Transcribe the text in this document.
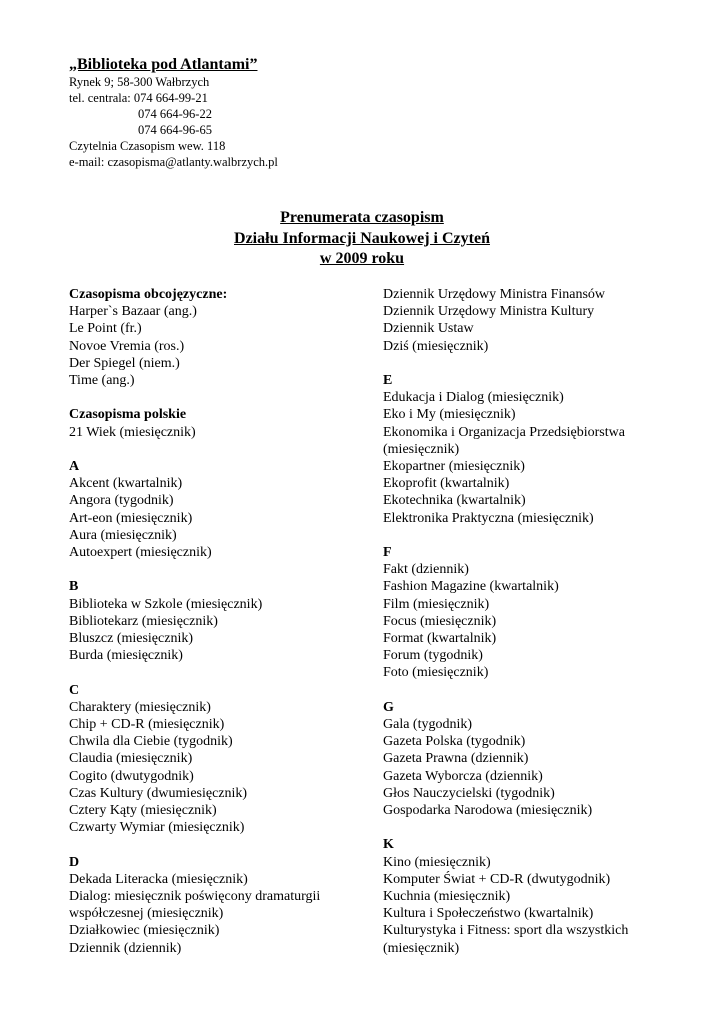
„Biblioteka pod Atlantami”
Rynek 9; 58-300 Wałbrzych
tel. centrala: 074 664-99-21
074 664-96-22
074 664-96-65
Czytelnia Czasopism wew. 118
e-mail: czasopisma@atlanty.walbrzych.pl
Prenumerata czasopism
Działu Informacji Naukowej i Czyteń
w 2009 roku
Czasopisma obcojęzyczne:
Harper`s Bazaar (ang.)
Le Point (fr.)
Novoe Vremia (ros.)
Der Spiegel (niem.)
Time (ang.)
Czasopisma polskie
21 Wiek (miesięcznik)
A
Akcent (kwartalnik)
Angora (tygodnik)
Art-eon (miesięcznik)
Aura (miesięcznik)
Autoexpert (miesięcznik)
B
Biblioteka w Szkole (miesięcznik)
Bibliotekarz (miesięcznik)
Bluszcz (miesięcznik)
Burda (miesięcznik)
C
Charaktery (miesięcznik)
Chip + CD-R (miesięcznik)
Chwila dla Ciebie (tygodnik)
Claudia (miesięcznik)
Cogito (dwutygodnik)
Czas Kultury (dwumiesięcznik)
Cztery Kąty (miesięcznik)
Czwarty Wymiar (miesięcznik)
D
Dekada Literacka (miesięcznik)
Dialog: miesięcznik poświęcony dramaturgii
współczesnej (miesięcznik)
Działkowiec (miesięcznik)
Dziennik (dziennik)
Dziennik Urzędowy Ministra Finansów
Dziennik Urzędowy Ministra Kultury
Dziennik Ustaw
Dziś (miesięcznik)
E
Edukacja i Dialog (miesięcznik)
Eko i My (miesięcznik)
Ekonomika i Organizacja Przedsiębiorstwa
(miesięcznik)
Ekopartner (miesięcznik)
Ekoprofit (kwartalnik)
Ekotechnika (kwartalnik)
Elektronika Praktyczna (miesięcznik)
F
Fakt (dziennik)
Fashion Magazine (kwartalnik)
Film (miesięcznik)
Focus (miesięcznik)
Format (kwartalnik)
Forum (tygodnik)
Foto (miesięcznik)
G
Gala (tygodnik)
Gazeta Polska (tygodnik)
Gazeta Prawna (dziennik)
Gazeta Wyborcza (dziennik)
Głos Nauczycielski (tygodnik)
Gospodarka Narodowa (miesięcznik)
K
Kino (miesięcznik)
Komputer Świat + CD-R (dwutygodnik)
Kuchnia (miesięcznik)
Kultura i Społeczeństwo (kwartalnik)
Kulturystyka i Fitness: sport dla wszystkich
(miesięcznik)
